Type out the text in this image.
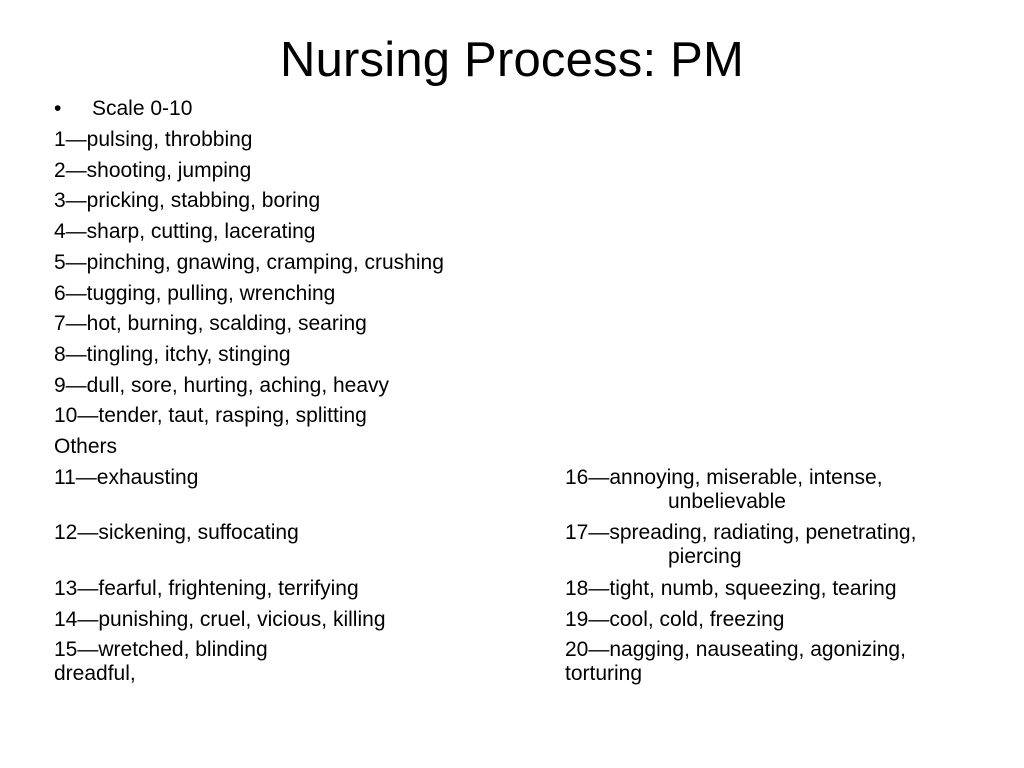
Nursing Process: PM
• Scale 0-10
1—pulsing, throbbing
2—shooting, jumping
3—pricking, stabbing, boring
4—sharp, cutting, lacerating
5—pinching, gnawing, cramping, crushing
6—tugging, pulling, wrenching
7—hot, burning, scalding, searing
8—tingling, itchy, stinging
9—dull, sore, hurting, aching, heavy
10—tender, taut, rasping, splitting
Others
11—exhausting
12—sickening, suffocating
13—fearful, frightening, terrifying
14—punishing, cruel, vicious, killing
15—wretched, blinding
dreadful,
16—annoying, miserable, intense,
unbelievable
17—spreading, radiating, penetrating,
piercing
18—tight, numb, squeezing, tearing
19—cool, cold, freezing
20—nagging, nauseating, agonizing,
torturing
